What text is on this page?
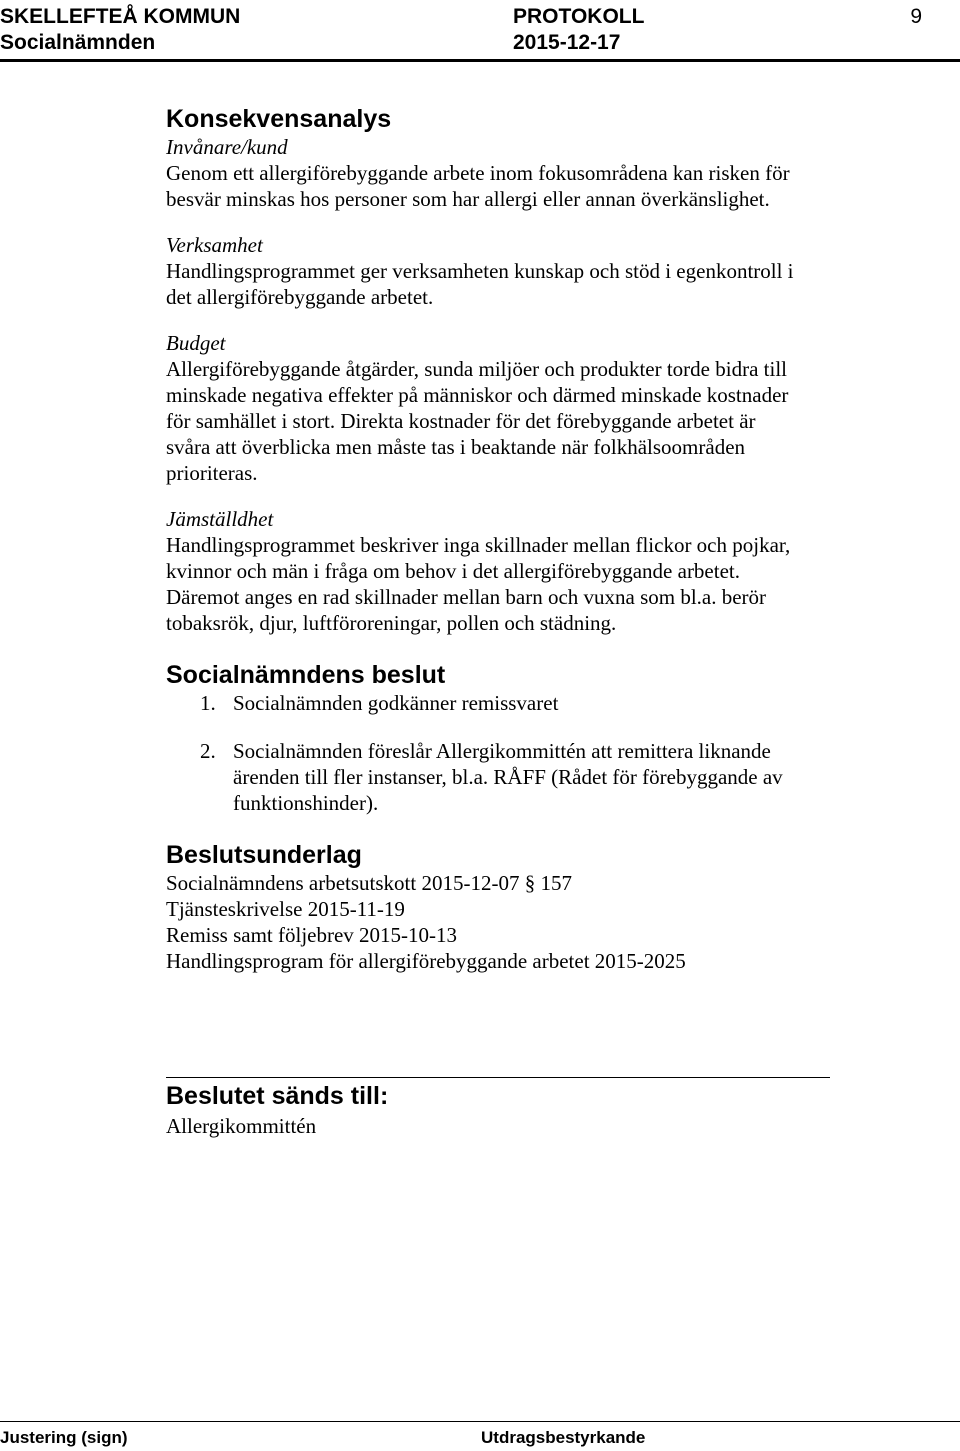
SKELLEFTEÅ KOMMUN	PROTOKOLL	9
Socialnämnden	2015-12-17
Konsekvensanalys

Invånare/kund

Genom ett allergiförebyggande arbete inom fokusområdena kan risken för

besvär minskas hos personer som har allergi eller annan överkänslighet.

Verksamhet

Handlingsprogrammet ger verksamheten kunskap och stöd i egenkontroll i

det allergiförebyggande arbetet.

Budget

Allergiförebyggande åtgärder, sunda miljöer och produkter torde bidra till

minskade negativa effekter på människor och därmed minskade kostnader

för samhället i stort. Direkta kostnader för det förebyggande arbetet är

svåra att överblicka men måste tas i beaktande när folkhälsoområden

prioriteras.

Jämställdhet

Handlingsprogrammet beskriver inga skillnader mellan flickor och pojkar,

kvinnor och män i fråga om behov i det allergiförebyggande arbetet.

Däremot anges en rad skillnader mellan barn och vuxna som bl.a. berör

tobaksrök, djur, luftföroreningar, pollen och städning.

Socialnämndens beslut
1. Socialnämnden godkänner remissvaret
2. Socialnämnden föreslår Allergikommittén att remittera liknande
ärenden till fler instanser, bl.a. RÅFF (Rådet för förebyggande av
funktionshinder).
Beslutsunderlag

Socialnämndens arbetsutskott 2015-12-07 § 157

Tjänsteskrivelse 2015-11-19

Remiss samt följebrev 2015-10-13

Handlingsprogram för allergiförebyggande arbetet 2015-2025

Beslutet sänds till:

Allergikommittén

Justering (sign)	Utdragsbestyrkande
